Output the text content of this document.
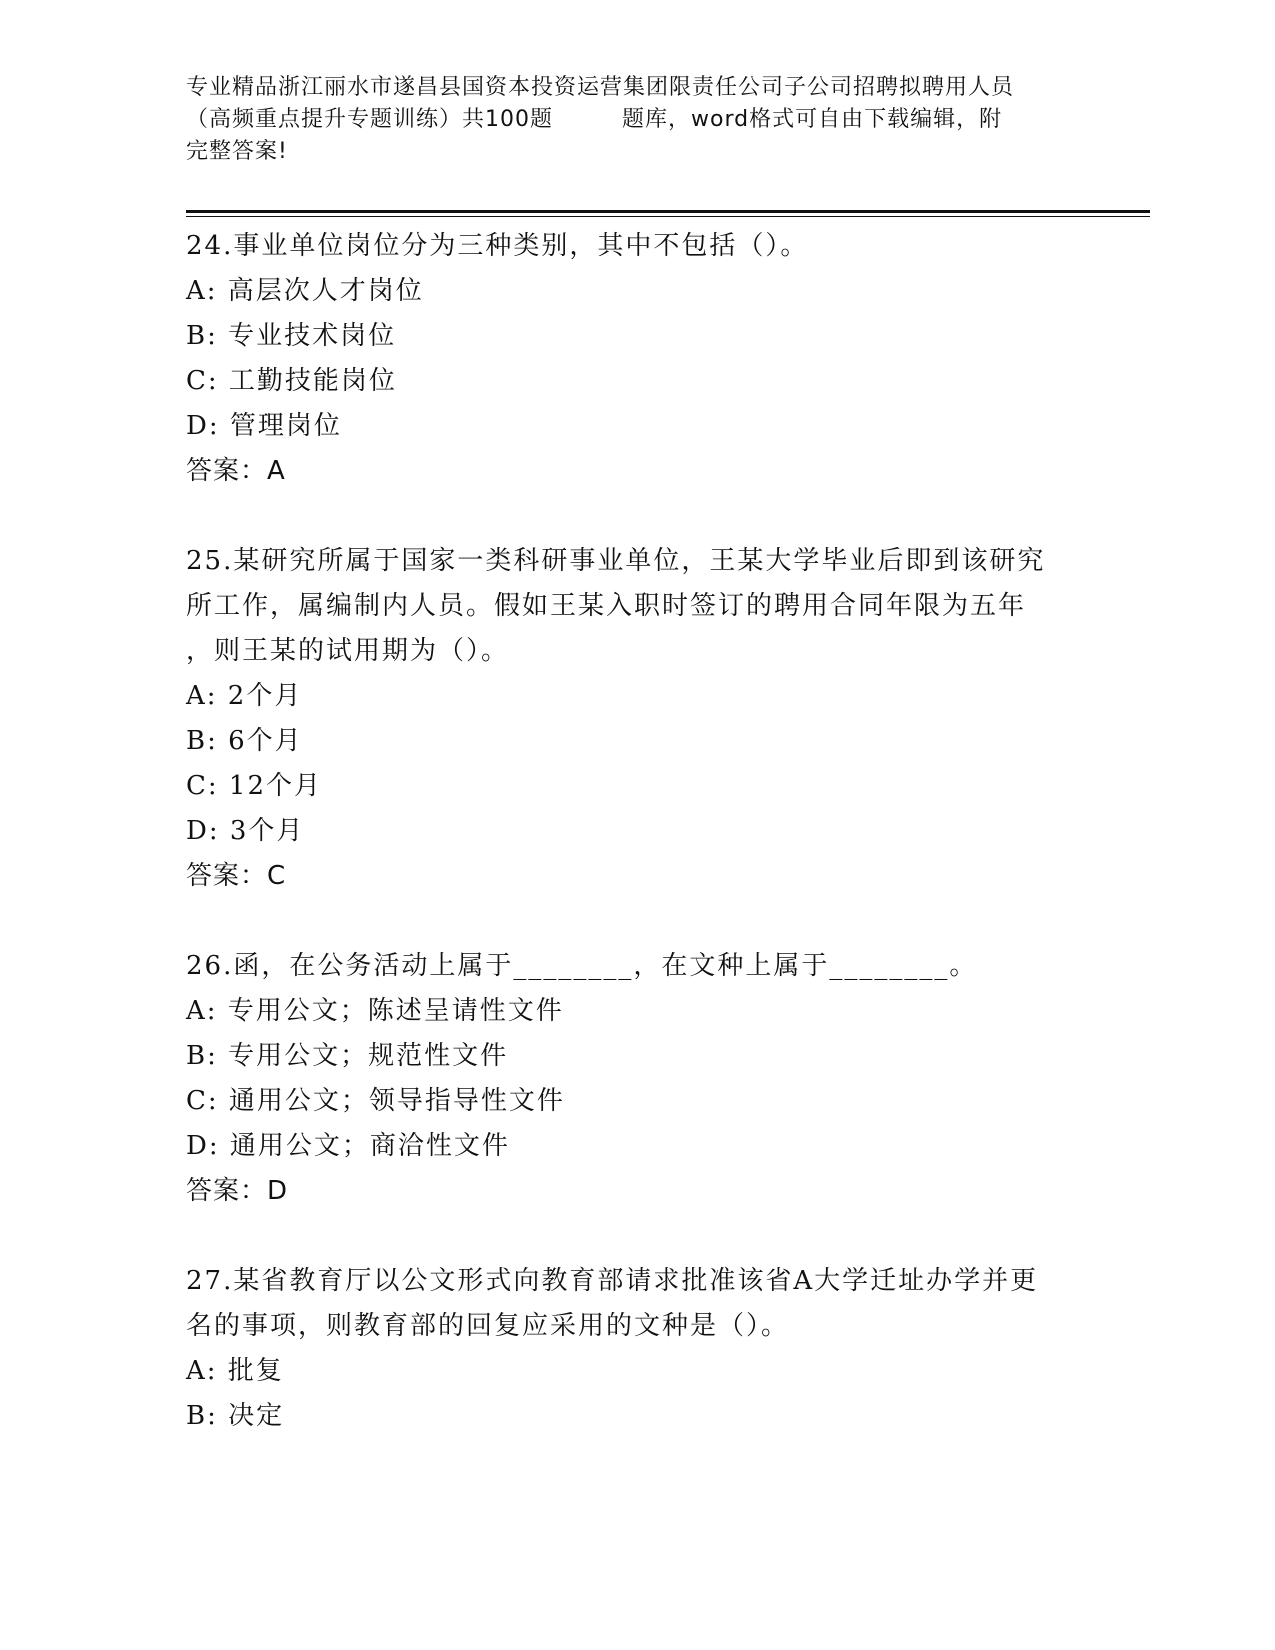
专业精品浙江丽水市遂昌县国资本投资运营集团限责任公司子公司招聘拟聘用人员
（高频重点提升专题训练）共100题　　　题库，word格式可自由下载编辑，附
完整答案!
24.事业单位岗位分为三种类别，其中不包括（）。
A: 高层次人才岗位
B: 专业技术岗位
C: 工勤技能岗位
D: 管理岗位
答案：A
25.某研究所属于国家一类科研事业单位，王某大学毕业后即到该研究
所工作，属编制内人员。假如王某入职时签订的聘用合同年限为五年
，则王某的试用期为（）。
A: 2个月
B: 6个月
C: 12个月
D: 3个月
答案：C
26.函，在公务活动上属于________，在文种上属于________。
A: 专用公文；陈述呈请性文件
B: 专用公文；规范性文件
C: 通用公文；领导指导性文件
D: 通用公文；商洽性文件
答案：D
27.某省教育厅以公文形式向教育部请求批准该省A大学迁址办学并更
名的事项，则教育部的回复应采用的文种是（）。
A: 批复
B: 决定
